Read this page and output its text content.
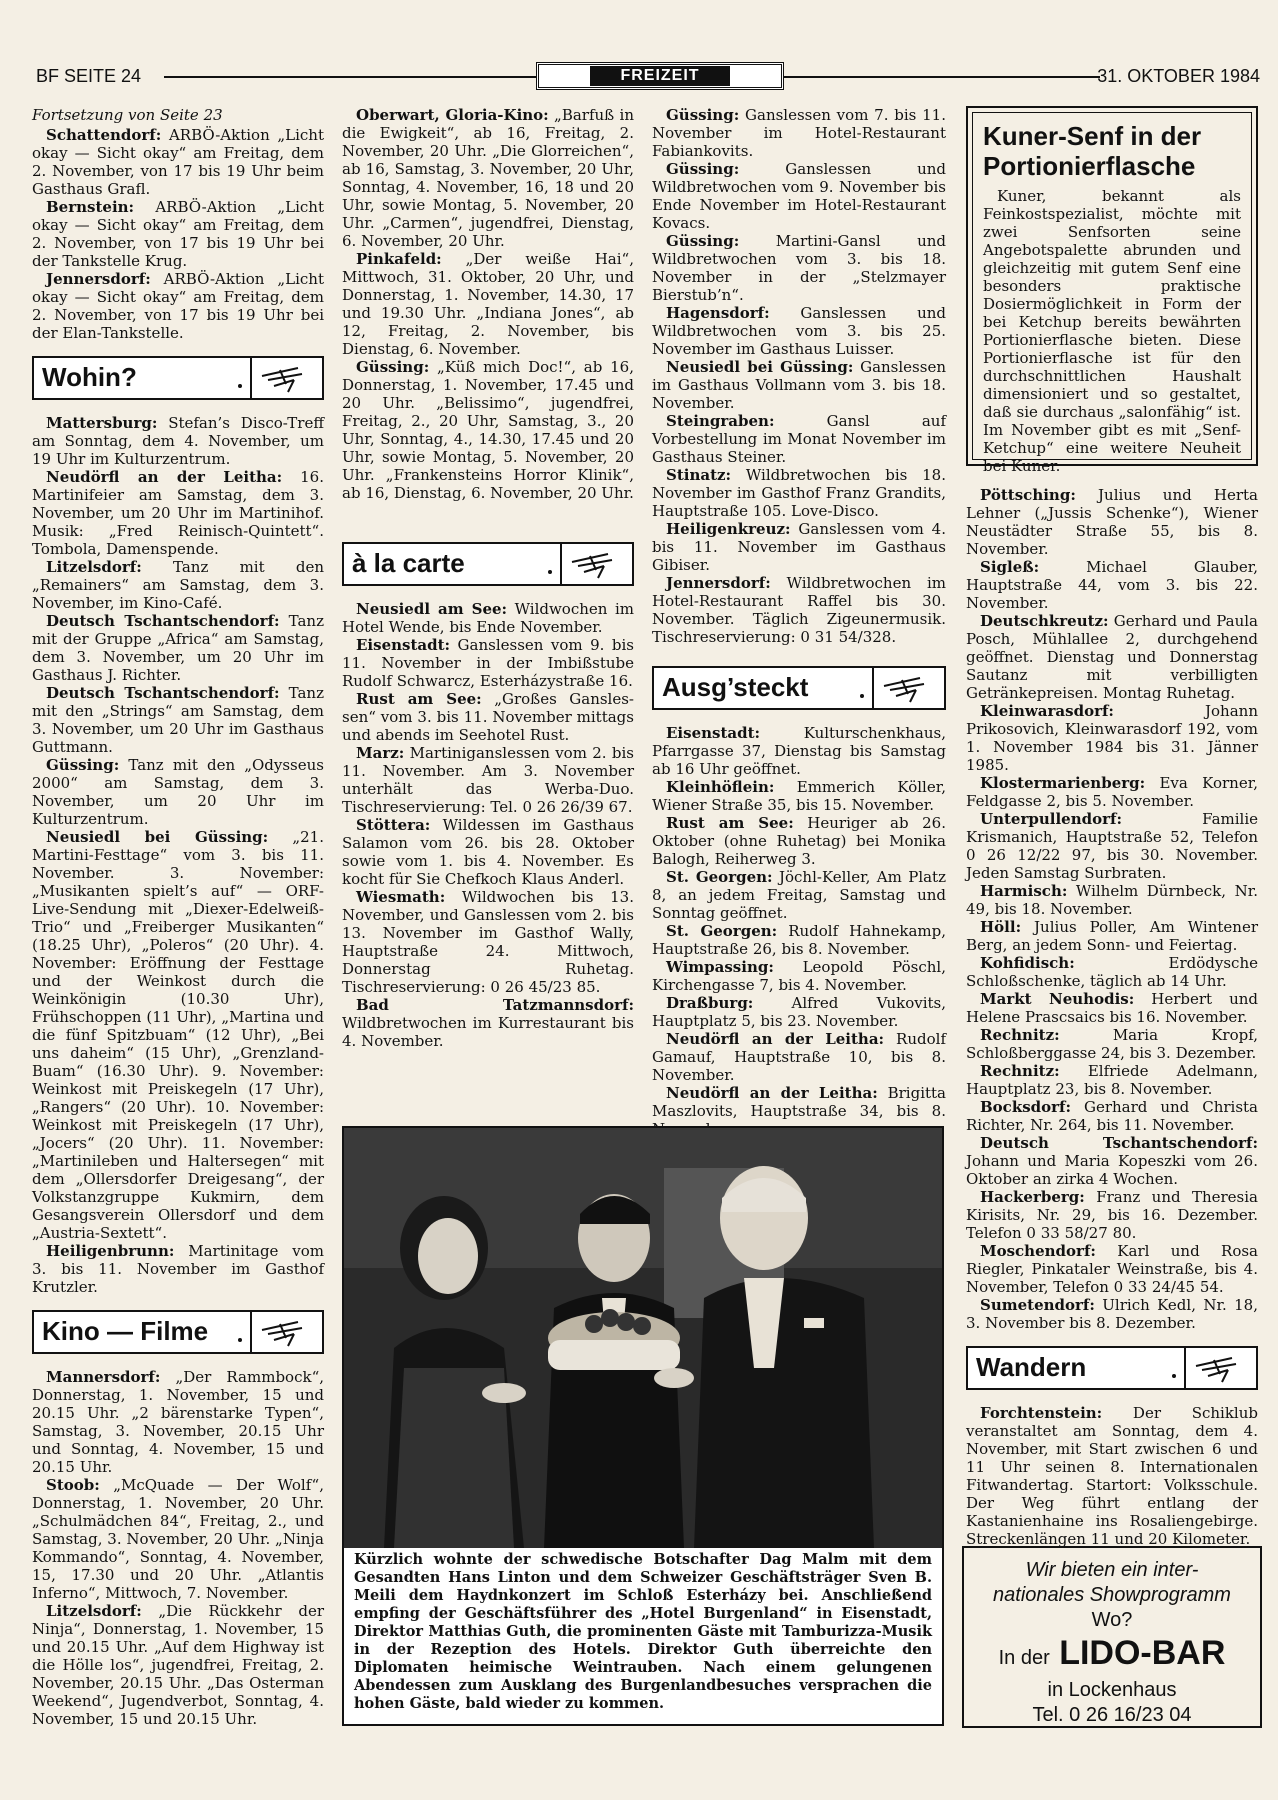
BF SEITE 24	FREIZEIT	31. OKTOBER 1984

Fortsetzung von Seite 23

Schattendorf: ARBÖ-Aktion „Licht okay — Sicht okay“ am Freitag, dem 2. November, von 17 bis 19 Uhr beim Gasthaus Grafl.

Bernstein: ARBÖ-Aktion „Licht okay — Sicht okay“ am Freitag, dem 2. November, von 17 bis 19 Uhr bei der Tankstelle Krug.

Jennersdorf: ARBÖ-Aktion „Licht okay — Sicht okay“ am Freitag, dem 2. November, von 17 bis 19 Uhr bei der Elan-Tankstelle.

Wohin?

Mattersburg: Stefan’s Disco-Treff am Sonntag, dem 4. November, um 19 Uhr im Kulturzentrum.

Neudörfl an der Leitha: 16. Martinifeier am Samstag, dem 3. November, um 20 Uhr im Martinihof. Musik: „Fred Reinisch-Quintett“. Tombola, Damenspende.

Litzelsdorf: Tanz mit den „Remainers“ am Samstag, dem 3. November, im Kino-Café.

Deutsch Tschantschendorf: Tanz mit der Gruppe „Africa“ am Samstag, dem 3. November, um 20 Uhr im Gasthaus J. Richter.

Deutsch Tschantschendorf: Tanz mit den „Strings“ am Samstag, dem 3. November, um 20 Uhr im Gasthaus Guttmann.

Güssing: Tanz mit den „Odysseus 2000“ am Samstag, dem 3. November, um 20 Uhr im Kulturzentrum.

Neusiedl bei Güssing: „21. Martini-Festtage“ vom 3. bis 11. November. 3. November: „Musikanten spielt’s auf“ — ORF-Live-Sendung mit „Diexer-Edelweiß-Trio“ und „Freiberger Musikanten“ (18.25 Uhr), „Poleros“ (20 Uhr). 4. November: Eröffnung der Festtage und der Weinkost durch die Weinkönigin (10.30 Uhr), Frühschoppen (11 Uhr), „Martina und die fünf Spitzbuam“ (12 Uhr), „Bei uns daheim“ (15 Uhr), „Grenzland-Buam“ (16.30 Uhr). 9. November: Weinkost mit Preiskegeln (17 Uhr), „Rangers“ (20 Uhr). 10. November: Weinkost mit Preiskegeln (17 Uhr), „Jocers“ (20 Uhr). 11. November: „Martinileben und Haltersegen“ mit dem „Ollersdorfer Dreigesang“, der Volkstanzgruppe Kukmirn, dem Gesangsverein Ollersdorf und dem „Austria-Sextett“.

Heiligenbrunn: Martinitage vom 3. bis 11. November im Gasthof Krutzler.

Kino — Filme

Mannersdorf: „Der Rammbock“, Donnerstag, 1. November, 15 und 20.15 Uhr. „2 bärenstarke Typen“, Samstag, 3. November, 20.15 Uhr und Sonntag, 4. November, 15 und 20.15 Uhr.

Stoob: „McQuade — Der Wolf“, Donnerstag, 1. November, 20 Uhr. „Schulmädchen 84“, Freitag, 2., und Samstag, 3. November, 20 Uhr. „Ninja Kommando“, Sonntag, 4. November, 15, 17.30 und 20 Uhr. „Atlantis Inferno“, Mittwoch, 7. November.

Litzelsdorf: „Die Rückkehr der Ninja“, Donnerstag, 1. November, 15 und 20.15 Uhr. „Auf dem Highway ist die Hölle los“, jugendfrei, Freitag, 2. November, 20.15 Uhr. „Das Osterman Weekend“, Jugendverbot, Sonntag, 4. November, 15 und 20.15 Uhr.

Oberwart, Gloria-Kino: „Barfuß in die Ewigkeit“, ab 16, Freitag, 2. November, 20 Uhr. „Die Glorreichen“, ab 16, Samstag, 3. November, 20 Uhr, Sonntag, 4. November, 16, 18 und 20 Uhr, sowie Montag, 5. November, 20 Uhr. „Carmen“, jugendfrei, Dienstag, 6. November, 20 Uhr.

Pinkafeld: „Der weiße Hai“, Mittwoch, 31. Oktober, 20 Uhr, und Donnerstag, 1. November, 14.30, 17 und 19.30 Uhr. „Indiana Jones“, ab 12, Freitag, 2. November, bis Dienstag, 6. November.

Güssing: „Küß mich Doc!“, ab 16, Donnerstag, 1. November, 17.45 und 20 Uhr. „Belissimo“, jugendfrei, Freitag, 2., 20 Uhr, Samstag, 3., 20 Uhr, Sonntag, 4., 14.30, 17.45 und 20 Uhr, sowie Montag, 5. November, 20 Uhr. „Frankensteins Horror Klinik“, ab 16, Dienstag, 6. November, 20 Uhr.

à la carte

Neusiedl am See: Wildwochen im Hotel Wende, bis Ende November.

Eisenstadt: Ganslessen vom 9. bis 11. November in der Imbißstube Rudolf Schwarcz, Esterházystraße 16.

Rust am See: „Großes Gansles-sen“ vom 3. bis 11. November mittags und abends im Seehotel Rust.

Marz: Martiniganslessen vom 2. bis 11. November. Am 3. November unterhält das Werba-Duo. Tischreservierung: Tel. 0 26 26/39 67.

Stöttera: Wildessen im Gasthaus Salamon vom 26. bis 28. Oktober sowie vom 1. bis 4. November. Es kocht für Sie Chefkoch Klaus Anderl.

Wiesmath: Wildwochen bis 13. November, und Ganslessen vom 2. bis 13. November im Gasthof Wally, Hauptstraße 24. Mittwoch, Donnerstag Ruhetag. Tischreservierung: 0 26 45/23 85.

Bad Tatzmannsdorf: Wildbretwochen im Kurrestaurant bis 4. November.

Güssing: Ganslessen vom 7. bis 11. November im Hotel-Restaurant Fabiankovits.

Güssing: Ganslessen und Wildbretwochen vom 9. November bis Ende November im Hotel-Restaurant Kovacs.

Güssing: Martini-Gansl und Wildbretwochen vom 3. bis 18. November in der „Stelzmayer Bierstub’n“.

Hagensdorf: Ganslessen und Wildbretwochen vom 3. bis 25. November im Gasthaus Luisser.

Neusiedl bei Güssing: Ganslessen im Gasthaus Vollmann vom 3. bis 18. November.

Steingraben: Gansl auf Vorbestellung im Monat November im Gasthaus Steiner.

Stinatz: Wildbretwochen bis 18. November im Gasthof Franz Grandits, Hauptstraße 105. Love-Disco.

Heiligenkreuz: Ganslessen vom 4. bis 11. November im Gasthaus Gibiser.

Jennersdorf: Wildbretwochen im Hotel-Restaurant Raffel bis 30. November. Täglich Zigeunermusik. Tischreservierung: 0 31 54/328.

Ausg’steckt

Eisenstadt: Kulturschenkhaus, Pfarrgasse 37, Dienstag bis Samstag ab 16 Uhr geöffnet.

Kleinhöflein: Emmerich Köller, Wiener Straße 35, bis 15. November.

Rust am See: Heuriger ab 26. Oktober (ohne Ruhetag) bei Monika Balogh, Reiherweg 3.

St. Georgen: Jöchl-Keller, Am Platz 8, an jedem Freitag, Samstag und Sonntag geöffnet.

St. Georgen: Rudolf Hahnekamp, Hauptstraße 26, bis 8. November.

Wimpassing: Leopold Pöschl, Kirchengasse 7, bis 4. November.

Draßburg: Alfred Vukovits, Hauptplatz 5, bis 23. November.

Neudörfl an der Leitha: Rudolf Gamauf, Hauptstraße 10, bis 8. November.

Neudörfl an der Leitha: Brigitta Maszlovits, Hauptstraße 34, bis 8.

Kuner-Senf in der Portionierflasche

Kuner, bekannt als Feinkostspezialist, möchte mit zwei Senfsorten seine Angebotspalette abrunden und gleichzeitig mit gutem Senf eine besonders praktische Dosiermöglichkeit in Form der bei Ketchup bereits bewährten Portionierflasche bieten. Diese Portionierflasche ist für den durchschnittlichen Haushalt dimensioniert und so gestaltet, daß sie durchaus „salonfähig“ ist. Im November gibt es mit „Senf-Ketchup“ eine weitere Neuheit bei Kuner.

Pöttsching: Julius und Herta Lehner („Jussis Schenke“), Wiener Neustädter Straße 55, bis 8. November.

Sigleß: Michael Glauber, Hauptstraße 44, vom 3. bis 22. November.

Deutschkreutz: Gerhard und Paula Posch, Mühlallee 2, durchgehend geöffnet. Dienstag und Donnerstag Sautanz mit verbilligten Getränkepreisen. Montag Ruhetag.

Kleinwarasdorf: Johann Prikosovich, Kleinwarasdorf 192, vom 1. November 1984 bis 31. Jänner 1985.

Klostermarienberg: Eva Korner, Feldgasse 2, bis 5. November.

Unterpullendorf: Familie Krismanich, Hauptstraße 52, Telefon 0 26 12/22 97, bis 30. November. Jeden Samstag Surbraten.

Harmisch: Wilhelm Dürnbeck, Nr. 49, bis 18. November.

Höll: Julius Poller, Am Wintener Berg, an jedem Sonn- und Feiertag.

Kohfidisch: Erdödysche Schloßschenke, täglich ab 14 Uhr.

Markt Neuhodis: Herbert und Helene Prascsaics bis 16. November.

Rechnitz: Maria Kropf, Schloßberggasse 24, bis 3. Dezember.

Rechnitz: Elfriede Adelmann, Hauptplatz 23, bis 8. November.

Bocksdorf: Gerhard und Christa Richter, Nr. 264, bis 11. November.

Deutsch Tschantschendorf: Johann und Maria Kopeszki vom 26. Oktober an zirka 4 Wochen.

Hackerberg: Franz und Theresia Kirisits, Nr. 29, bis 16. Dezember. Telefon 0 33 58/27 80.

Moschendorf: Karl und Rosa Riegler, Pinkataler Weinstraße, bis 4. November, Telefon 0 33 24/45 54.

Sumetendorf: Ulrich Kedl, Nr. 18, 3. November bis 8. Dezember.

Wandern

Forchtenstein: Der Schiklub veranstaltet am Sonntag, dem 4. November, mit Start zwischen 6 und 11 Uhr seinen 8. Internationalen Fitwandertag. Startort: Volksschule. Der Weg führt entlang der Kastanienhaine ins Rosaliengebirge. Streckenlängen 11 und 20 Kilometer.

Kürzlich wohnte der schwedische Botschafter Dag Malm mit dem Gesandten Hans Linton und dem Schweizer Geschäftsträger Sven B. Meili dem Haydnkonzert im Schloß Esterházy bei. Anschließend empfing der Geschäftsführer des „Hotel Burgenland“ in Eisenstadt, Direktor Matthias Guth, die prominenten Gäste mit Tamburizza-Musik in der Rezeption des Hotels. Direktor Guth überreichte den Diplomaten heimische Weintrauben. Nach einem gelungenen Abendessen zum Ausklang des Burgenlandbesuches versprachen die hohen Gäste, bald wieder zu kommen.
Wir bieten ein inter-
nationales Showprogramm
Wo?
In der LIDO-BAR
in Lockenhaus
Tel. 0 26 16/23 04
